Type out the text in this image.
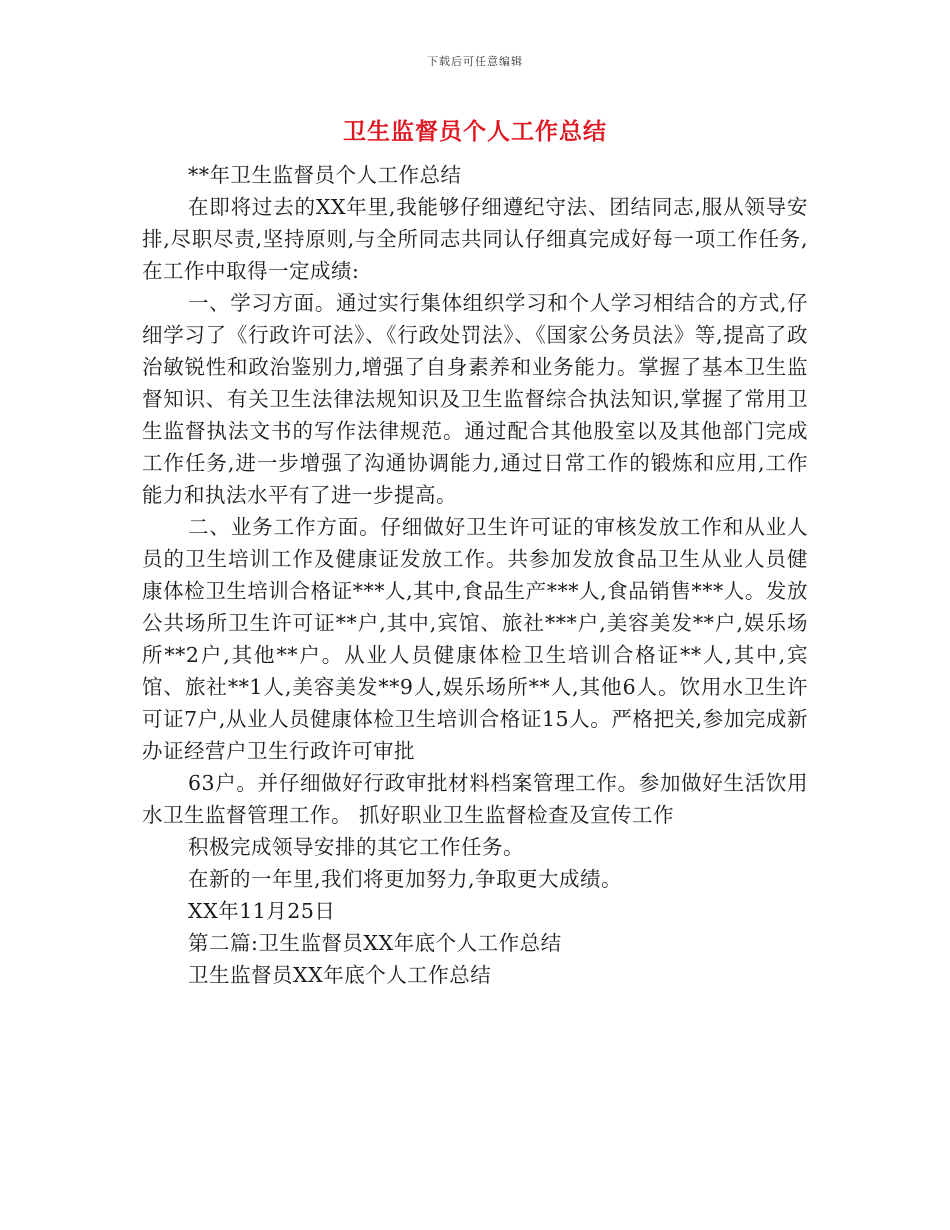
下载后可任意编辑
卫生监督员个人工作总结

**年卫生监督员个人工作总结

在即将过去的XX年里,我能够仔细遵纪守法、团结同志,服从领导安排,尽职尽责,坚持原则,与全所同志共同认仔细真完成好每一项工作任务,在工作中取得一定成绩:

一、学习方面。通过实行集体组织学习和个人学习相结合的方式,仔细学习了《行政许可法》、《行政处罚法》、《国家公务员法》等,提高了政治敏锐性和政治鉴别力,增强了自身素养和业务能力。掌握了基本卫生监督知识、有关卫生法律法规知识及卫生监督综合执法知识,掌握了常用卫生监督执法文书的写作法律规范。通过配合其他股室以及其他部门完成工作任务,进一步增强了沟通协调能力,通过日常工作的锻炼和应用,工作能力和执法水平有了进一步提高。

二、业务工作方面。仔细做好卫生许可证的审核发放工作和从业人员的卫生培训工作及健康证发放工作。共参加发放食品卫生从业人员健康体检卫生培训合格证***人,其中,食品生产***人,食品销售***人。发放公共场所卫生许可证**户,其中,宾馆、旅社***户,美容美发**户,娱乐场所**2户,其他**户。从业人员健康体检卫生培训合格证**人,其中,宾馆、旅社**1人,美容美发**9人,娱乐场所**人,其他6人。饮用水卫生许可证7户,从业人员健康体检卫生培训合格证15人。严格把关,参加完成新办证经营户卫生行政许可审批

63户。并仔细做好行政审批材料档案管理工作。参加做好生活饮用水卫生监督管理工作。 抓好职业卫生监督检查及宣传工作

积极完成领导安排的其它工作任务。

在新的一年里,我们将更加努力,争取更大成绩。

XX年11月25日

第二篇:卫生监督员XX年底个人工作总结

卫生监督员XX年底个人工作总结
